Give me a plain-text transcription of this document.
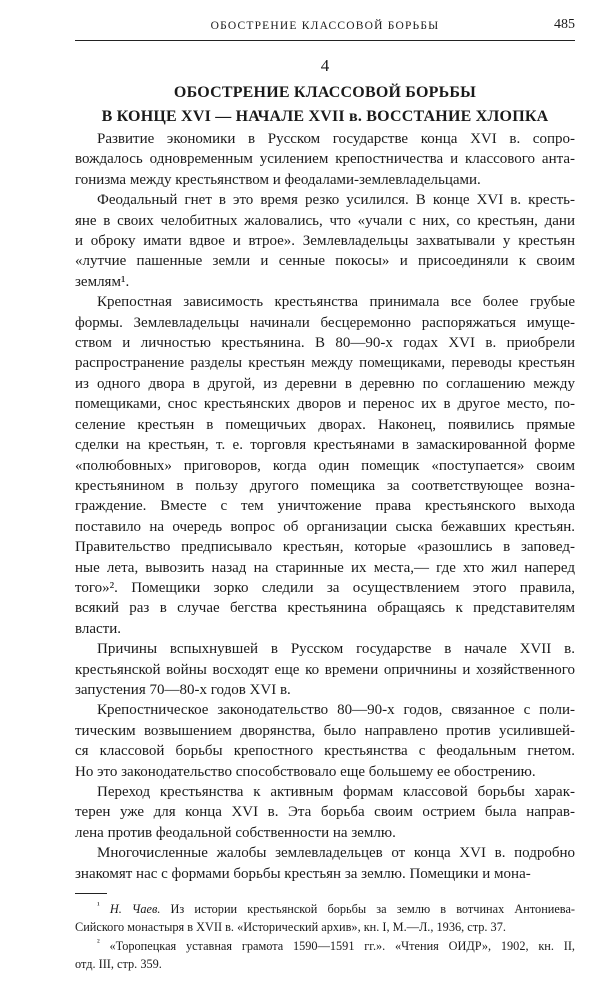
ОБОСТРЕНИЕ КЛАССОВОЙ БОРЬБЫ	485
4
ОБОСТРЕНИЕ КЛАССОВОЙ БОРЬБЫ
В КОНЦЕ XVI — НАЧАЛЕ XVII в. ВОССТАНИЕ ХЛОПКА
Развитие экономики в Русском государстве конца XVI в. сопро-
вождалось одновременным усилением крепостничества и классового анта-
гонизма между крестьянством и феодалами-землевладельцами.
Феодальный гнет в это время резко усилился. В конце XVI в. кресть-
яне в своих челобитных жаловались, что «учали с них, со крестьян, дани
и оброку имати вдвое и втрое». Землевладельцы захватывали у крестьян
«лутчие пашенные земли и сенные покосы» и присоединяли к своим
землям¹.
Крепостная зависимость крестьянства принимала все более грубые
формы. Землевладельцы начинали бесцеремонно распоряжаться имуще-
ством и личностью крестьянина. В 80—90-х годах XVI в. приобрели
распространение разделы крестьян между помещиками, переводы крестьян
из одного двора в другой, из деревни в деревню по соглашению между
помещиками, снос крестьянских дворов и перенос их в другое место, по-
селение крестьян в помещичьих дворах. Наконец, появились прямые
сделки на крестьян, т. е. торговля крестьянами в замаскированной форме
«полюбовных» приговоров, когда один помещик «поступается» своим
крестьянином в пользу другого помещика за соответствующее возна-
граждение. Вместе с тем уничтожение права крестьянского выхода
поставило на очередь вопрос об организации сыска бежавших крестьян.
Правительство предписывало крестьян, которые «разошлись в заповед-
ные лета, вывозить назад на старинные их места,— где хто жил наперед
того»². Помещики зорко следили за осуществлением этого правила,
всякий раз в случае бегства крестьянина обращаясь к представителям
власти.
Причины вспыхнувшей в Русском государстве в начале XVII в.
крестьянской войны восходят еще ко времени опричнины и хозяйственного
запустения 70—80-х годов XVI в.
Крепостническое законодательство 80—90-х годов, связанное с поли-
тическим возвышением дворянства, было направлено против усилившей-
ся классовой борьбы крепостного крестьянства с феодальным гнетом.
Но это законодательство способствовало еще большему ее обострению.
Переход крестьянства к активным формам классовой борьбы харак-
терен уже для конца XVI в. Эта борьба своим острием была направ-
лена против феодальной собственности на землю.
Многочисленные жалобы землевладельцев от конца XVI в. подробно
знакомят нас с формами борьбы крестьян за землю. Помещики и мона-
$^{^1}$ Н. Чаев. Из истории крестьянской борьбы за землю в вотчинах Антониева-
Сийского монастыря в XVII в. «Исторический архив», кн. I, М.—Л., 1936, стр. 37.
$^{^2}$ «Торопецкая уставная грамота 1590—1591 гг.». «Чтения ОИДР», 1902, кн. II,
отд. III, стр. 359.
